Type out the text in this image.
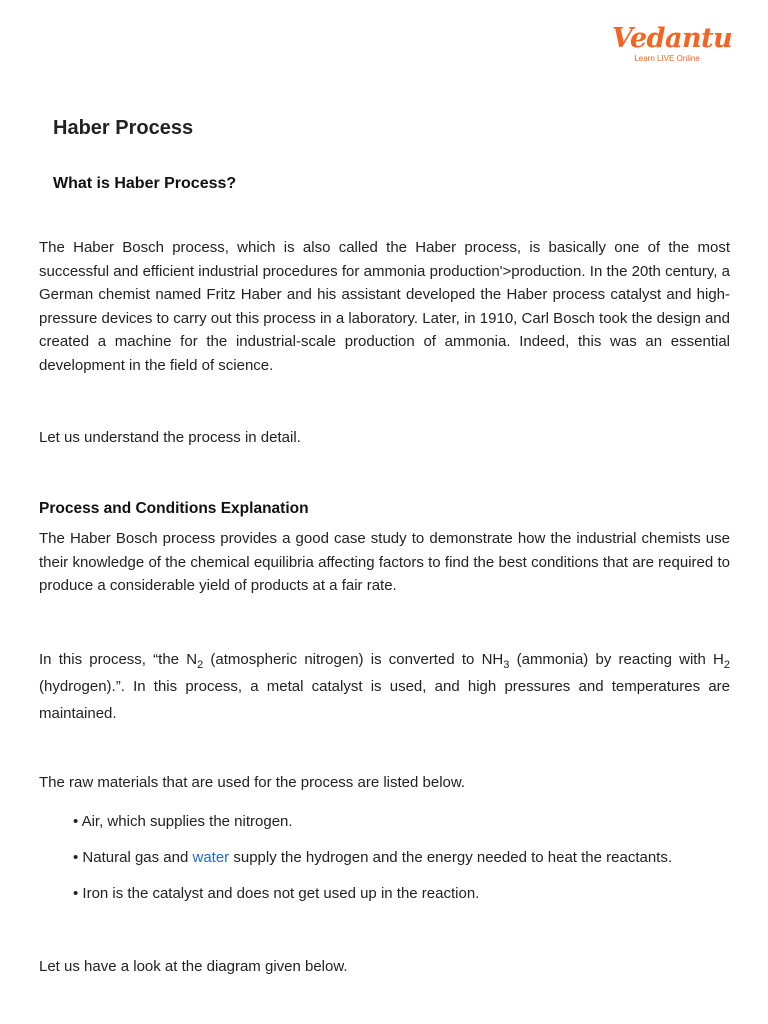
Vedantu
Learn LIVE Online
Haber Process
What is Haber Process?

The Haber Bosch process, which is also called the Haber process, is basically one of the most successful and efficient industrial procedures for ammonia production'>production. In the 20th century, a German chemist named Fritz Haber and his assistant developed the Haber process catalyst and high-pressure devices to carry out this process in a laboratory. Later, in 1910, Carl Bosch took the design and created a machine for the industrial-scale production of ammonia. Indeed, this was an essential development in the field of science.

Let us understand the process in detail.

Process and Conditions Explanation

The Haber Bosch process provides a good case study to demonstrate how the industrial chemists use their knowledge of the chemical equilibria affecting factors to find the best conditions that are required to produce a considerable yield of products at a fair rate.

In this process, “the $N_2$ (atmospheric nitrogen) is converted to $NH_3$ (ammonia) by reacting with $H_2$ (hydrogen).”. In this process, a metal catalyst is used, and high pressures and temperatures are maintained.

The raw materials that are used for the process are listed below.

• Air, which supplies the nitrogen.
• Natural gas and water supply the hydrogen and the energy needed to heat the reactants.
• Iron is the catalyst and does not get used up in the reaction.

Let us have a look at the diagram given below.
